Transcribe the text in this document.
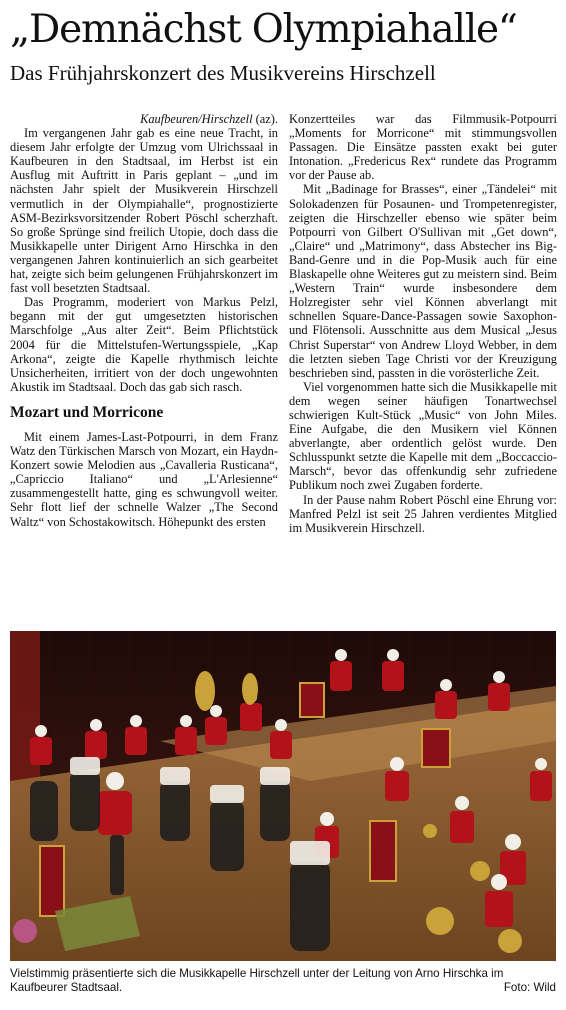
„Demnächst Olympiahalle“
Das Frühjahrskonzert des Musikvereins Hirschzell

Kaufbeuren/Hirschzell (az).

Im vergangenen Jahr gab es eine neue Tracht, in diesem Jahr erfolgte der Umzug vom Ulrichssaal in Kaufbeuren in den Stadtsaal, im Herbst ist ein Ausflug mit Auftritt in Paris geplant – „und im nächsten Jahr spielt der Musikverein Hirschzell vermutlich in der Olympiahalle“, prognostizierte ASM-Bezirksvorsitzender Robert Pöschl scherzhaft. So große Sprünge sind freilich Utopie, doch dass die Musikkapelle unter Dirigent Arno Hirschka in den vergangenen Jahren kontinuierlich an sich gearbeitet hat, zeigte sich beim gelungenen Frühjahrskonzert im fast voll besetzten Stadtsaal.

Das Programm, moderiert von Markus Pelzl, begann mit der gut umgesetzten historischen Marschfolge „Aus alter Zeit“. Beim Pflichtstück 2004 für die Mittelstufen-Wertungsspiele, „Kap Arkona“, zeigte die Kapelle rhythmisch leichte Unsicherheiten, irritiert von der doch ungewohnten Akustik im Stadtsaal. Doch das gab sich rasch.

Mozart und Morricone

Mit einem James-Last-Potpourri, in dem Franz Watz den Türkischen Marsch von Mozart, ein Haydn-Konzert sowie Melodien aus „Cavalleria Rusticana“, „Capriccio Italiano“ und „L'Arlesienne“ zusammengestellt hatte, ging es schwungvoll weiter. Sehr flott lief der schnelle Walzer „The Second Waltz“ von Schostakowitsch. Höhepunkt des ersten

Konzertteiles war das Filmmusik-Potpourri „Moments for Morricone“ mit stimmungsvollen Passagen. Die Einsätze passten exakt bei guter Intonation. „Fredericus Rex“ rundete das Programm vor der Pause ab.

Mit „Badinage for Brasses“, einer „Tändelei“ mit Solokadenzen für Posaunen- und Trompetenregister, zeigten die Hirschzeller ebenso wie später beim Potpourri von Gilbert O'Sullivan mit „Get down“, „Claire“ und „Matrimony“, dass Abstecher ins Big-Band-Genre und in die Pop-Musik auch für eine Blaskapelle ohne Weiteres gut zu meistern sind. Beim „Western Train“ wurde insbesondere dem Holzregister sehr viel Können abverlangt mit schnellen Square-Dance-Passagen sowie Saxophon- und Flötensoli. Ausschnitte aus dem Musical „Jesus Christ Superstar“ von Andrew Lloyd Webber, in dem die letzten sieben Tage Christi vor der Kreuzigung beschrieben sind, passten in die vorösterliche Zeit.

Viel vorgenommen hatte sich die Musikkapelle mit dem wegen seiner häufigen Tonartwechsel schwierigen Kult-Stück „Music“ von John Miles. Eine Aufgabe, die den Musikern viel Können abverlangte, aber ordentlich gelöst wurde. Den Schlusspunkt setzte die Kapelle mit dem „Boccaccio-Marsch“, bevor das offenkundig sehr zufriedene Publikum noch zwei Zugaben forderte.

In der Pause nahm Robert Pöschl eine Ehrung vor: Manfred Pelzl ist seit 25 Jahren verdientes Mitglied im Musikverein Hirschzell.

Vielstimmig präsentierte sich die Musikkapelle Hirschzell unter der Leitung von Arno Hirschka im Kaufbeurer Stadtsaal.	Foto: Wild
